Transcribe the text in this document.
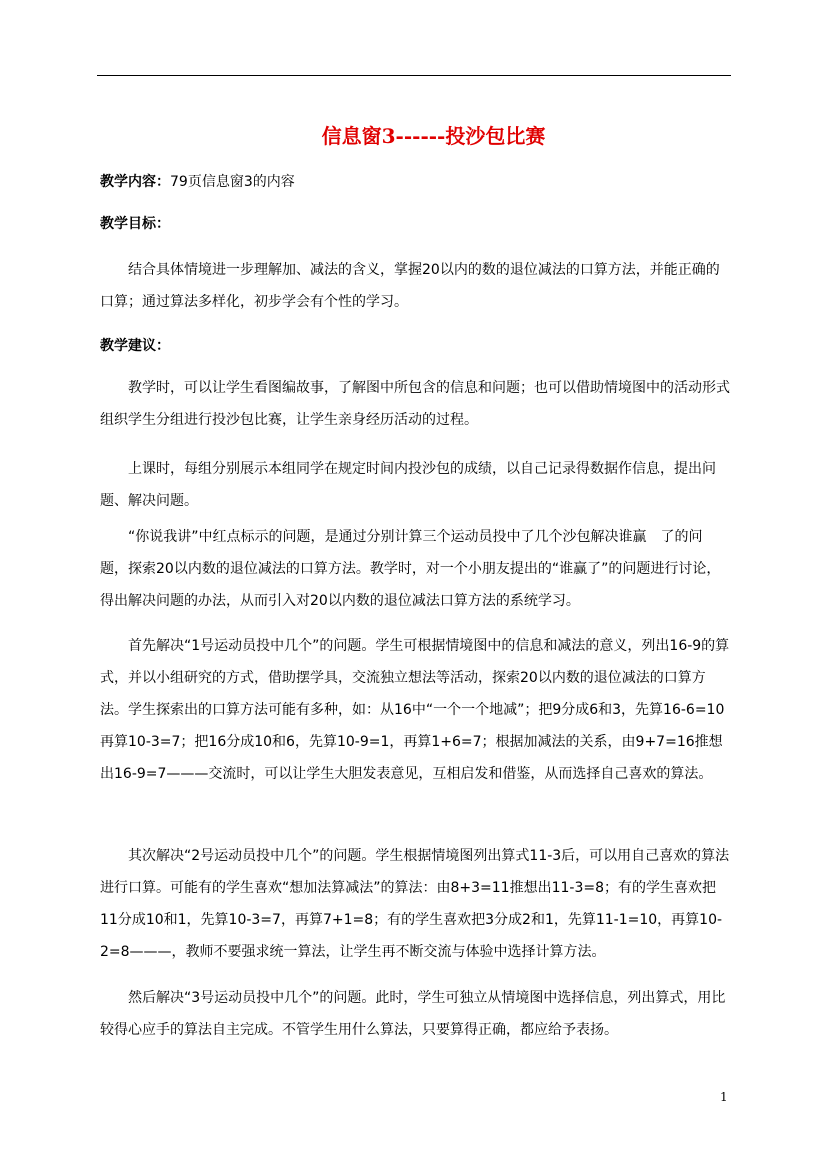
信息窗3------投沙包比赛
教学内容：79页信息窗3的内容
教学目标：
结合具体情境进一步理解加、减法的含义，掌握20以内的数的退位减法的口算方法，并能正确的口算；通过算法多样化，初步学会有个性的学习。
教学建议：
教学时，可以让学生看图编故事，了解图中所包含的信息和问题；也可以借助情境图中的活动形式组织学生分组进行投沙包比赛，让学生亲身经历活动的过程。
上课时，每组分别展示本组同学在规定时间内投沙包的成绩，以自己记录得数据作信息，提出问题、解决问题。
“你说我讲”中红点标示的问题，是通过分别计算三个运动员投中了几个沙包解决谁赢　了的问题，探索20以内数的退位减法的口算方法。教学时，对一个小朋友提出的“谁赢了”的问题进行讨论，得出解决问题的办法，从而引入对20以内数的退位减法口算方法的系统学习。
首先解决“1号运动员投中几个”的问题。学生可根据情境图中的信息和减法的意义，列出16-9的算式，并以小组研究的方式，借助摆学具，交流独立想法等活动，探索20以内数的退位减法的口算方法。学生探索出的口算方法可能有多种，如：从16中“一个一个地减”；把9分成6和3，先算16-6=10再算10-3=7；把16分成10和6，先算10-9=1，再算1+6=7；根据加减法的关系，由9+7=16推想出16-9=7———交流时，可以让学生大胆发表意见，互相启发和借鉴，从而选择自己喜欢的算法。
其次解决“2号运动员投中几个”的问题。学生根据情境图列出算式11-3后，可以用自己喜欢的算法进行口算。可能有的学生喜欢“想加法算减法”的算法：由8+3=11推想出11-3=8；有的学生喜欢把11分成10和1，先算10-3=7，再算7+1=8；有的学生喜欢把3分成2和1，先算11-1=10，再算10-2=8———，教师不要强求统一算法，让学生再不断交流与体验中选择计算方法。
然后解决“3号运动员投中几个”的问题。此时，学生可独立从情境图中选择信息，列出算式，用比较得心应手的算法自主完成。不管学生用什么算法，只要算得正确，都应给予表扬。
1
